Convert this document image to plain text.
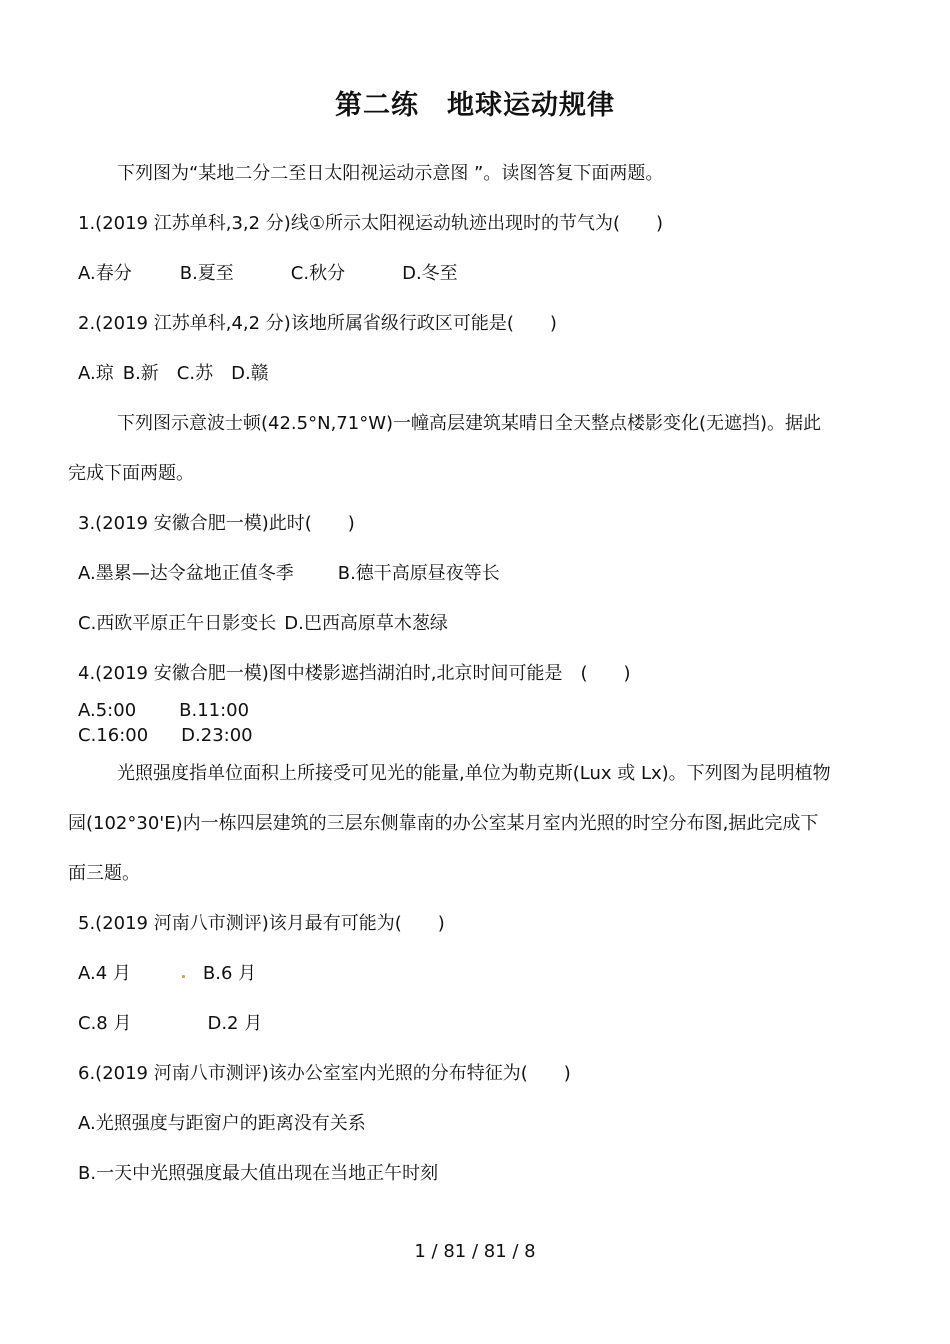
第二练　地球运动规律
下列图为“某地二分二至日太阳视运动示意图 ”。读图答复下面两题。
1.(2019 江苏单科,3,2 分)线①所示太阳视运动轨迹出现时的节气为(　　)
A.春分	B.夏至	C.秋分	D.冬至
2.(2019 江苏单科,4,2 分)该地所属省级行政区可能是(　　)
A.琼 B.新 C.苏 D.赣
下列图示意波士顿(42.5°N,71°W)一幢高层建筑某晴日全天整点楼影变化(无遮挡)。据此
完成下面两题。
3.(2019 安徽合肥一模)此时(　　)
A.墨累—达令盆地正值冬季 B.德干高原昼夜等长
C.西欧平原正午日影变长 D.巴西高原草木葱绿
4.(2019 安徽合肥一模)图中楼影遮挡湖泊时,北京时间可能是　(　　)
A.5:00 B.11:00
C.16:00 D.23:00
光照强度指单位面积上所接受可见光的能量,单位为勒克斯(Lux 或 Lx)。下列图为昆明植物
园(102°30'E)内一栋四层建筑的三层东侧靠南的办公室某月室内光照的时空分布图,据此完成下
面三题。
5.(2019 河南八市测评)该月最有可能为(　　)
A.4 月	B.6 月
C.8 月	D.2 月
6.(2019 河南八市测评)该办公室室内光照的分布特征为(　　)
A.光照强度与距窗户的距离没有关系
B.一天中光照强度最大值出现在当地正午时刻
1 / 81 / 81 / 8
